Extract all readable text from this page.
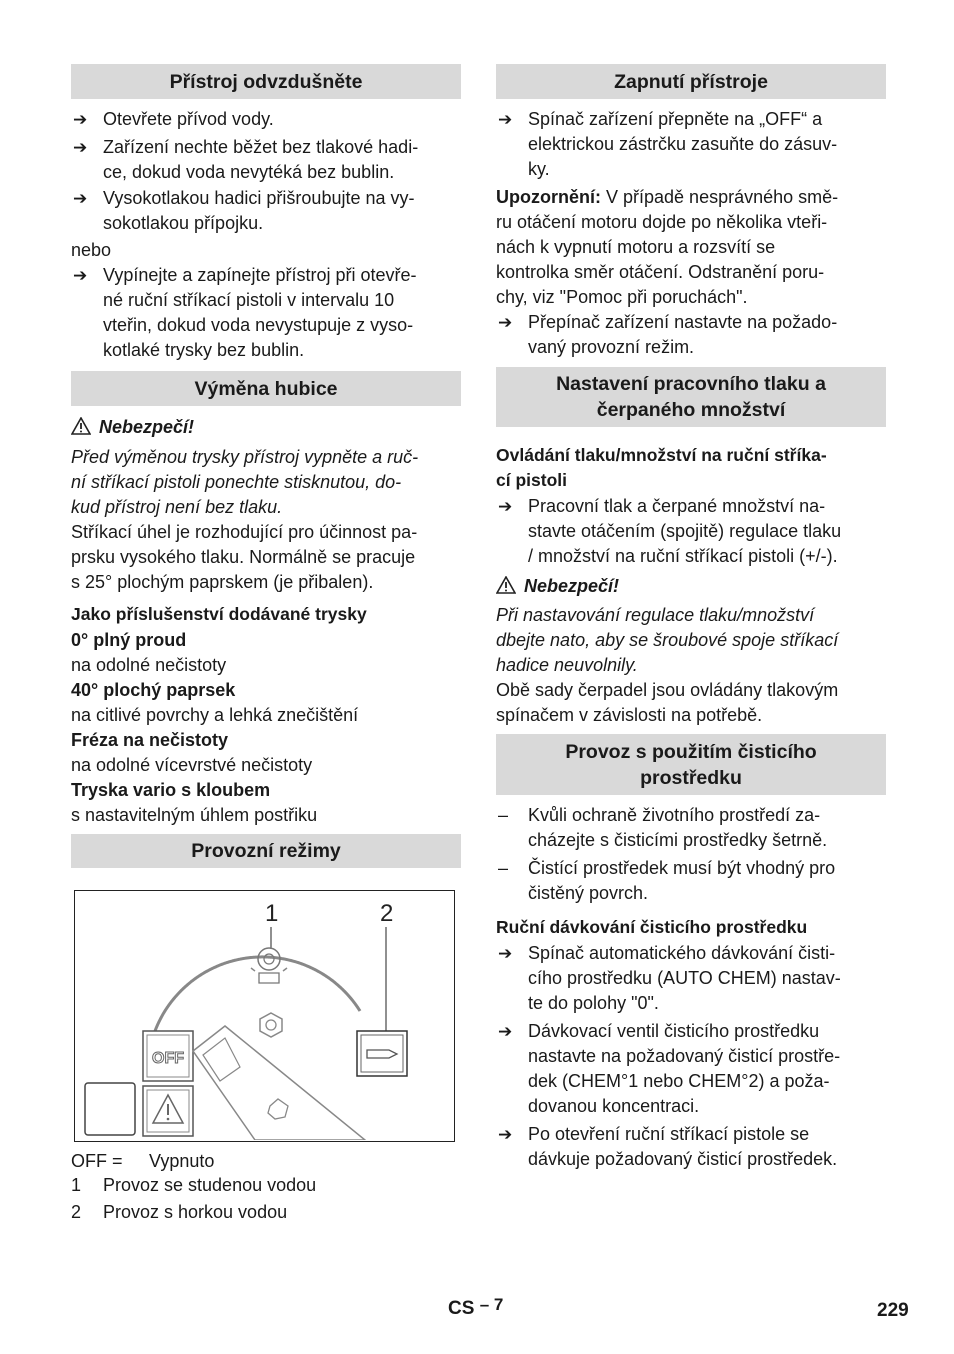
Přístroj odvzdušněte
➔ Otevřete přívod vody.
➔ Zařízení nechte běžet bez tlakové hadi-
ce, dokud voda nevytéká bez bublin.
➔ Vysokotlakou hadici přišroubujte na vy-
sokotlakou přípojku.
nebo
➔ Vypínejte a zapínejte přístroj při otevře-
né ruční stříkací pistoli v intervalu 10
vteřin, dokud voda nevystupuje z vyso-
kotlaké trysky bez bublin.
Výměna hubice
Nebezpečí!
Před výměnou trysky přístroj vypněte a ruč-
ní stříkací pistoli ponechte stisknutou, do-
kud přístroj není bez tlaku.
Stříkací úhel je rozhodující pro účinnost pa-
prsku vysokého tlaku. Normálně se pracuje
s 25° plochým paprskem (je přibalen).
Jako příslušenství dodávané trysky
0° plný proud
na odolné nečistoty
40° plochý paprsek
na citlivé povrchy a lehká znečištění
Fréza na nečistoty
na odolné vícevrstvé nečistoty
Tryska vario s kloubem
s nastavitelným úhlem postřiku
Provozní režimy
1	2
OFF
OFF = Vypnuto
1 Provoz se studenou vodou
2 Provoz s horkou vodou
Zapnutí přístroje
➔ Spínač zařízení přepněte na „OFF“ a
elektrickou zástrčku zasuňte do zásuv-
ky.
Upozornění: V případě nesprávného smě-
ru otáčení motoru dojde po několika vteři-
nách k vypnutí motoru a rozsvítí se
kontrolka směr otáčení. Odstranění poru-
chy, viz "Pomoc při poruchách".
➔ Přepínač zařízení nastavte na požado-
vaný provozní režim.
Nastavení pracovního tlaku a
čerpaného množství
Ovládání tlaku/množství na ruční stříka-
cí pistoli
➔ Pracovní tlak a čerpané množství na-
stavte otáčením (spojitě) regulace tlaku
/ množství na ruční stříkací pistoli (+/-).
Nebezpečí!
Při nastavování regulace tlaku/množství
dbejte nato, aby se šroubové spoje stříkací
hadice neuvolnily.
Obě sady čerpadel jsou ovládány tlakovým
spínačem v závislosti na potřebě.
Provoz s použitím čisticího
prostředku
– Kvůli ochraně životního prostředí za-
cházejte s čisticími prostředky šetrně.
– Čistící prostředek musí být vhodný pro
čistěný povrch.
Ruční dávkování čisticího prostředku
➔ Spínač automatického dávkování čisti-
cího prostředku (AUTO CHEM) nastav-
te do polohy "0".
➔ Dávkovací ventil čisticího prostředku
nastavte na požadovaný čisticí prostře-
dek (CHEM°1 nebo CHEM°2) a poža-
dovanou koncentraci.
➔ Po otevření ruční stříkací pistole se
dávkuje požadovaný čisticí prostředek.
CS – 7	229
